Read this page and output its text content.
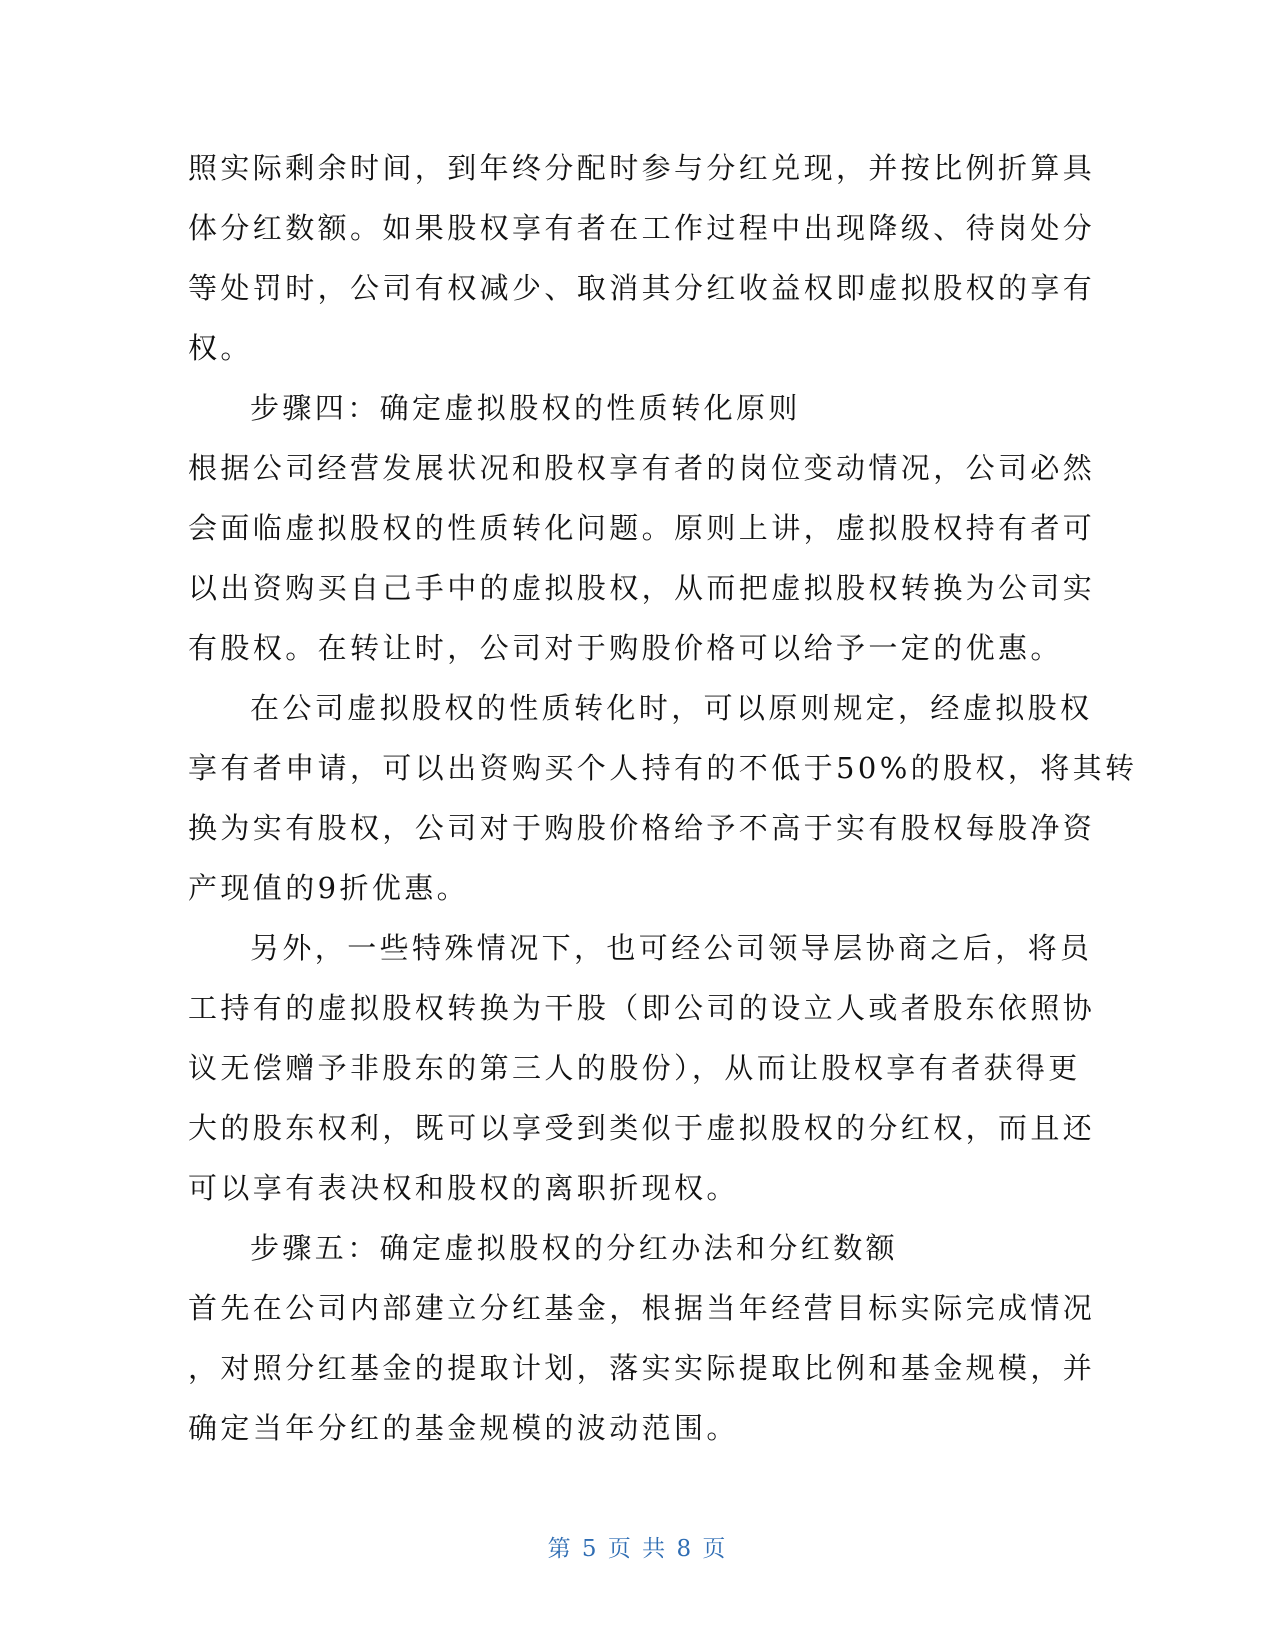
照实际剩余时间，到年终分配时参与分红兑现，并按比例折算具
体分红数额。如果股权享有者在工作过程中出现降级、待岗处分
等处罚时，公司有权减少、取消其分红收益权即虚拟股权的享有
权。
步骤四：确定虚拟股权的性质转化原则
根据公司经营发展状况和股权享有者的岗位变动情况，公司必然
会面临虚拟股权的性质转化问题。原则上讲，虚拟股权持有者可
以出资购买自己手中的虚拟股权，从而把虚拟股权转换为公司实
有股权。在转让时，公司对于购股价格可以给予一定的优惠。
在公司虚拟股权的性质转化时，可以原则规定，经虚拟股权
享有者申请，可以出资购买个人持有的不低于50%的股权，将其转
换为实有股权，公司对于购股价格给予不高于实有股权每股净资
产现值的9折优惠。
另外，一些特殊情况下，也可经公司领导层协商之后，将员
工持有的虚拟股权转换为干股（即公司的设立人或者股东依照协
议无偿赠予非股东的第三人的股份），从而让股权享有者获得更
大的股东权利，既可以享受到类似于虚拟股权的分红权，而且还
可以享有表决权和股权的离职折现权。
步骤五：确定虚拟股权的分红办法和分红数额
首先在公司内部建立分红基金，根据当年经营目标实际完成情况
，对照分红基金的提取计划，落实实际提取比例和基金规模，并
确定当年分红的基金规模的波动范围。
第 5 页 共 8 页
